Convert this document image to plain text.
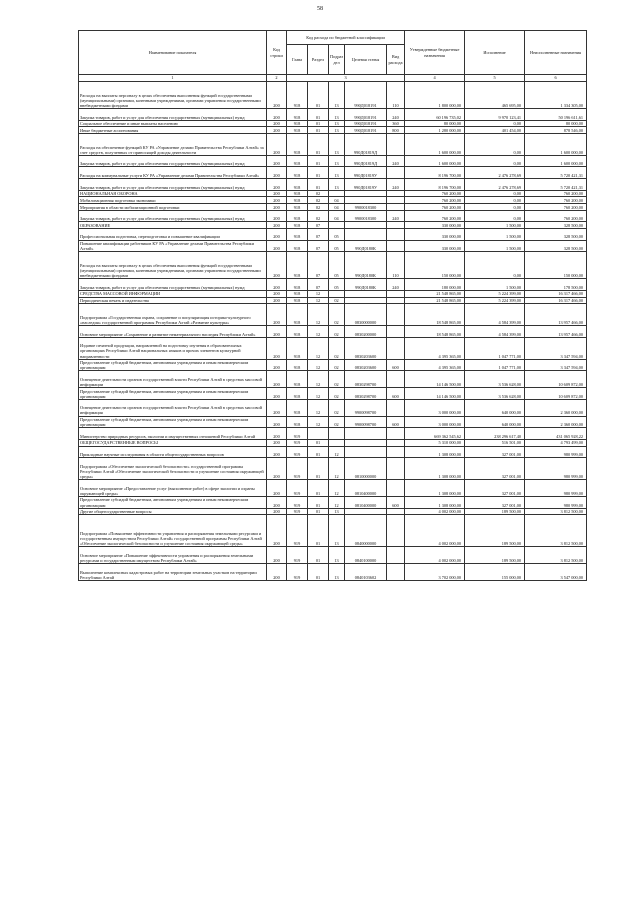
58
Наименование показателя	Код строки	Код расхода по бюджетной классификации					Утвержденные бюджетные назначения	Исполнение	Неисполненные назначения
		Глава	Раздел	Подраз дел	Целевая статья	Вид расхода			
1	2	3					4	5	6
Расходы на выплаты персоналу в целях обеспечения выполнения функций государственными (муниципальными) органами, казенными учреждениями, органами управления государственными внебюджетными фондами	200	918	01	13	990Д018191	110	1 800 000,00	465 695,00	1 334 305,00
Закупка товаров, работ и услуг для обеспечения государственных (муниципальных) нужд	200	918	01	13	990Д018191	240	60 196 735,02	9 970 123,41	50 196 611,61
Социальное обеспечение и иные выплаты населению	200	918	01	13	990Д018191	360	80 000,00	0,00	80 000,00
Иные бюджетные ассигнования	200	918	01	13	990Д018191	800	1 280 000,00	401 454,00	878 546,00
Расходы на обеспечение функций КУ РА «Управление делами Правительства Республики Алтай» за счет средств, полученных от приносящей доходы деятельности	200	918	01	13	990Д01819Д		1 600 000,00	0,00	1 600 000,00
Закупка товаров, работ и услуг для обеспечения государственных (муниципальных) нужд	200	918	01	13	990Д01819Д	240	1 600 000,00	0,00	1 600 000,00
Расходы на коммунальные услуги КУ РА «Управление делами Правительства Республики Алтай»	200	918	01	13	990Д01819У		8 196 700,00	2 476 278,69	5 720 421,31
Закупка товаров, работ и услуг для обеспечения государственных (муниципальных) нужд	200	918	01	13	990Д01819У	240	8 196 700,00	2 476 278,69	5 720 421,31
НАЦИОНАЛЬНАЯ ОБОРОНА	200	918	02				760 200,00	0,00	760 200,00
Мобилизационная подготовка экономики	200	918	02	04			760 200,00	0,00	760 200,00
Мероприятия в области мобилизационной подготовки	200	918	02	04	9900018300		760 200,00	0,00	760 200,00
Закупка товаров, работ и услуг для обеспечения государственных (муниципальных) нужд	200	918	02	04	9900018300	240	760 200,00	0,00	760 200,00
ОБРАЗОВАНИЕ	200	918	07				330 000,00	1 500,00	328 500,00
Профессиональная подготовка, переподготовка и повышение квалификации	200	918	07	05			330 000,00	1 500,00	328 500,00
Повышение квалификации работников КУ РА «Управление делами Правительства Республики Алтай»	200	918	07	05	990Д0180К		330 000,00	1 500,00	328 500,00
Расходы на выплаты персоналу в целях обеспечения выполнения функций государственными (муниципальными) органами, казенными учреждениями, органами управления государственными внебюджетными фондами	200	918	07	05	990Д0180К	110	150 000,00	0,00	150 000,00
Закупка товаров, работ и услуг для обеспечения государственных (муниципальных) нужд	200	918	07	05	990Д0180К	240	180 000,00	1 500,00	178 500,00
СРЕДСТВА МАССОВОЙ ИНФОРМАЦИИ	200	918	12				21 548 865,00	5 224 399,00	16 317 466,00
Периодическая печать и издательства	200	918	12	02			21 548 865,00	5 224 399,00	16 317 466,00
Подпрограмма «Государственная охрана, сохранение и популяризация историко-культурного «наследия» государственной программы Республики Алтай «Развитие культуры»	200	918	12	02	0830000000		18 548 865,00	4 584 399,00	13 957 466,00
Основное мероприятие «Сохранение и развитие нематериального наследия Республики Алтай»	200	918	12	02	0830200000		18 548 865,00	4 584 399,00	13 957 466,00
Издание печатной продукции, направленной на подготовку изучения в образовательных организациях Республики Алтай национальных языков и прочих элементов культурной направленности	200	918	12	02	0830203600		4 395 365,00	1 047 771,00	3 347 594,00
Предоставление субсидий бюджетным, автономным учреждениям и иным некоммерческим организациям	200	918	12	02	0830203600	600	4 395 365,00	1 047 771,00	3 347 594,00
Освещение деятельности органов государственной власти Республики Алтай в средствах массовой информации	200	918	12	02	0830298700		14 146 500,00	3 536 628,00	10 609 872,00
Предоставление субсидий бюджетным, автономным учреждениям и иным некоммерческим организациям	200	918	12	02	0830298700	600	14 146 500,00	3 536 628,00	10 609 872,00
Освещение деятельности органов государственной власти Республики Алтай в средствах массовой информация	200	918	12	02	9900098700		3 000 000,00	640 000,00	2 360 000,00
Предоставление субсидий бюджетным, автономным учреждениям и иным некоммерческим организациям	200	918	12	02	9900098700	600	3 000 000,00	640 000,00	2 360 000,00
Министерство природных ресурсов, экологии и имущественных отношений Республики Алтай	200	919					669 362 545,62	238 296 617,40	431 065 928,22
ОБЩЕГОСУДАРСТВЕННЫЕ ВОПРОСЫ	200	919	01				5 310 000,00	516 501,00	4 793 499,00
Прикладные научные исследования в области общегосударственных вопросов	200	919	01	12			1 308 000,00	327 001,00	980 999,00
Подпрограмма «Обеспечение экологической безопасности» государственной программы Республики Алтай «Обеспечение экологической безопасности и улучшение состояния окружающей среды»	200	919	01	12	0810000000		1 308 000,00	327 001,00	980 999,00
Основное мероприятие «Предоставление услуг (выполнение работ) в сфере экологии и охраны окружающей среды»	200	919	01	12	0810400000		1 308 000,00	327 001,00	980 999,00
Предоставление субсидий бюджетным, автономным учреждениям и иным некоммерческим организациям	200	919	01	12	0810400000	600	1 308 000,00	327 001,00	980 999,00
Другие общегосударственные вопросы	200	919	01	13			4 002 000,00	189 500,00	3 812 500,00
Подпрограмма «Повышение эффективности управления и распоряжения земельными ресурсами и государственным имуществом Республики Алтай» государственной программы Республики Алтай «Обеспечение экологической безопасности и улучшение состояния окружающей среды»	200	919	01	13	0840000000		4 002 000,00	189 500,00	3 812 500,00
Основное мероприятие «Повышение эффективности управления и распоряжения земельными ресурсами и государственным имуществом Республики Алтай»	200	919	01	13	0840100000		4 002 000,00	189 500,00	3 812 500,00
Выполнение комплексных кадастровых работ на территории земельных участков на территории Республики Алтай	200	919	01	13	0840103602		3 702 000,00	155 000,00	3 547 000,00
